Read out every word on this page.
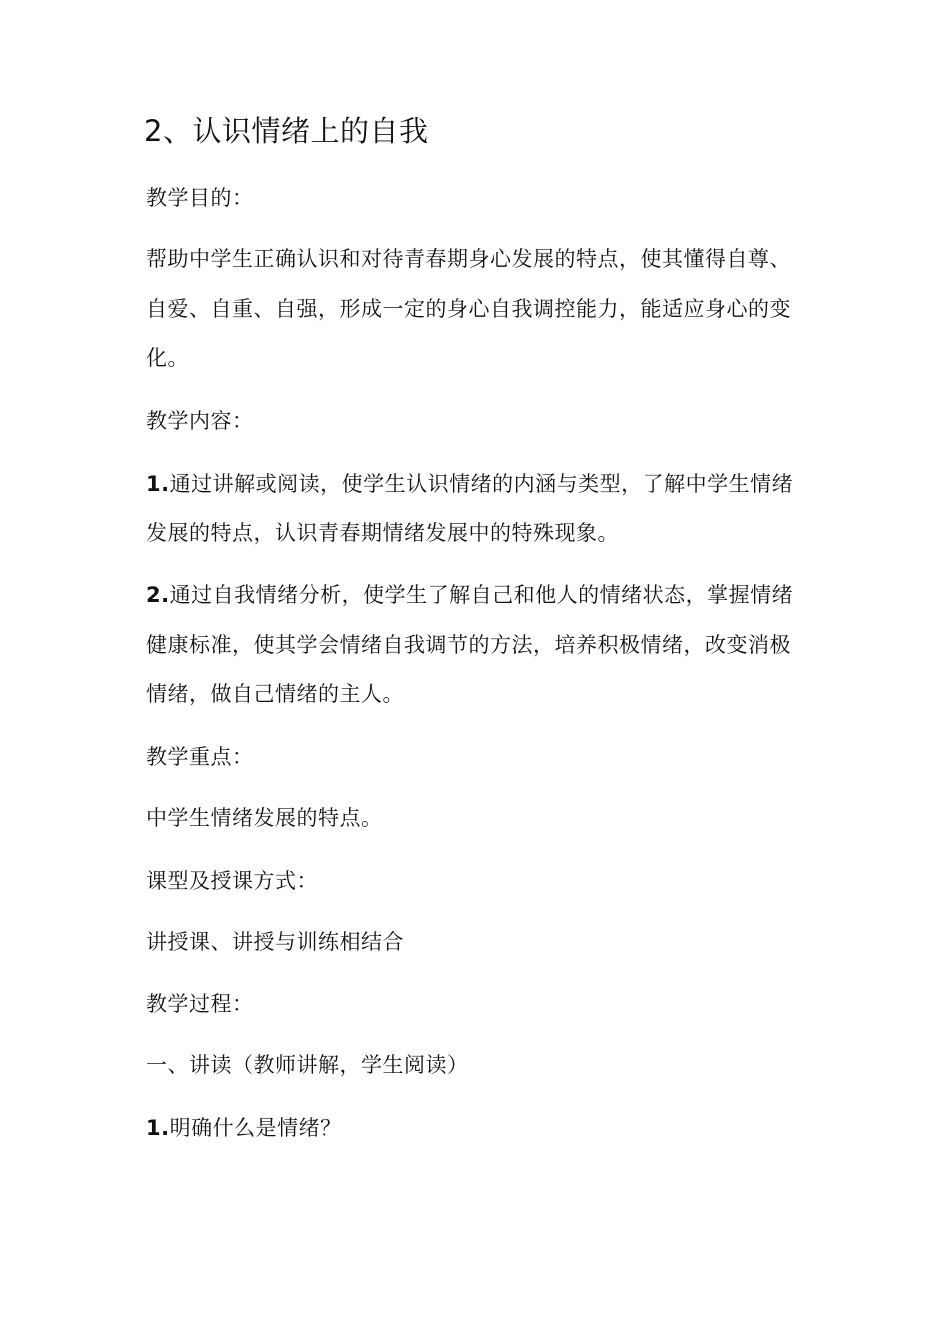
2、认识情绪上的自我
教学目的：
帮助中学生正确认识和对待青春期身心发展的特点，使其懂得自尊、
自爱、自重、自强，形成一定的身心自我调控能力，能适应身心的变
化。
教学内容：
1.通过讲解或阅读，使学生认识情绪的内涵与类型，了解中学生情绪
发展的特点，认识青春期情绪发展中的特殊现象。
2.通过自我情绪分析，使学生了解自己和他人的情绪状态，掌握情绪
健康标准，使其学会情绪自我调节的方法，培养积极情绪，改变消极
情绪，做自己情绪的主人。
教学重点：
中学生情绪发展的特点。
课型及授课方式：
讲授课、讲授与训练相结合
教学过程：
一、讲读（教师讲解，学生阅读）
1.明确什么是情绪？
